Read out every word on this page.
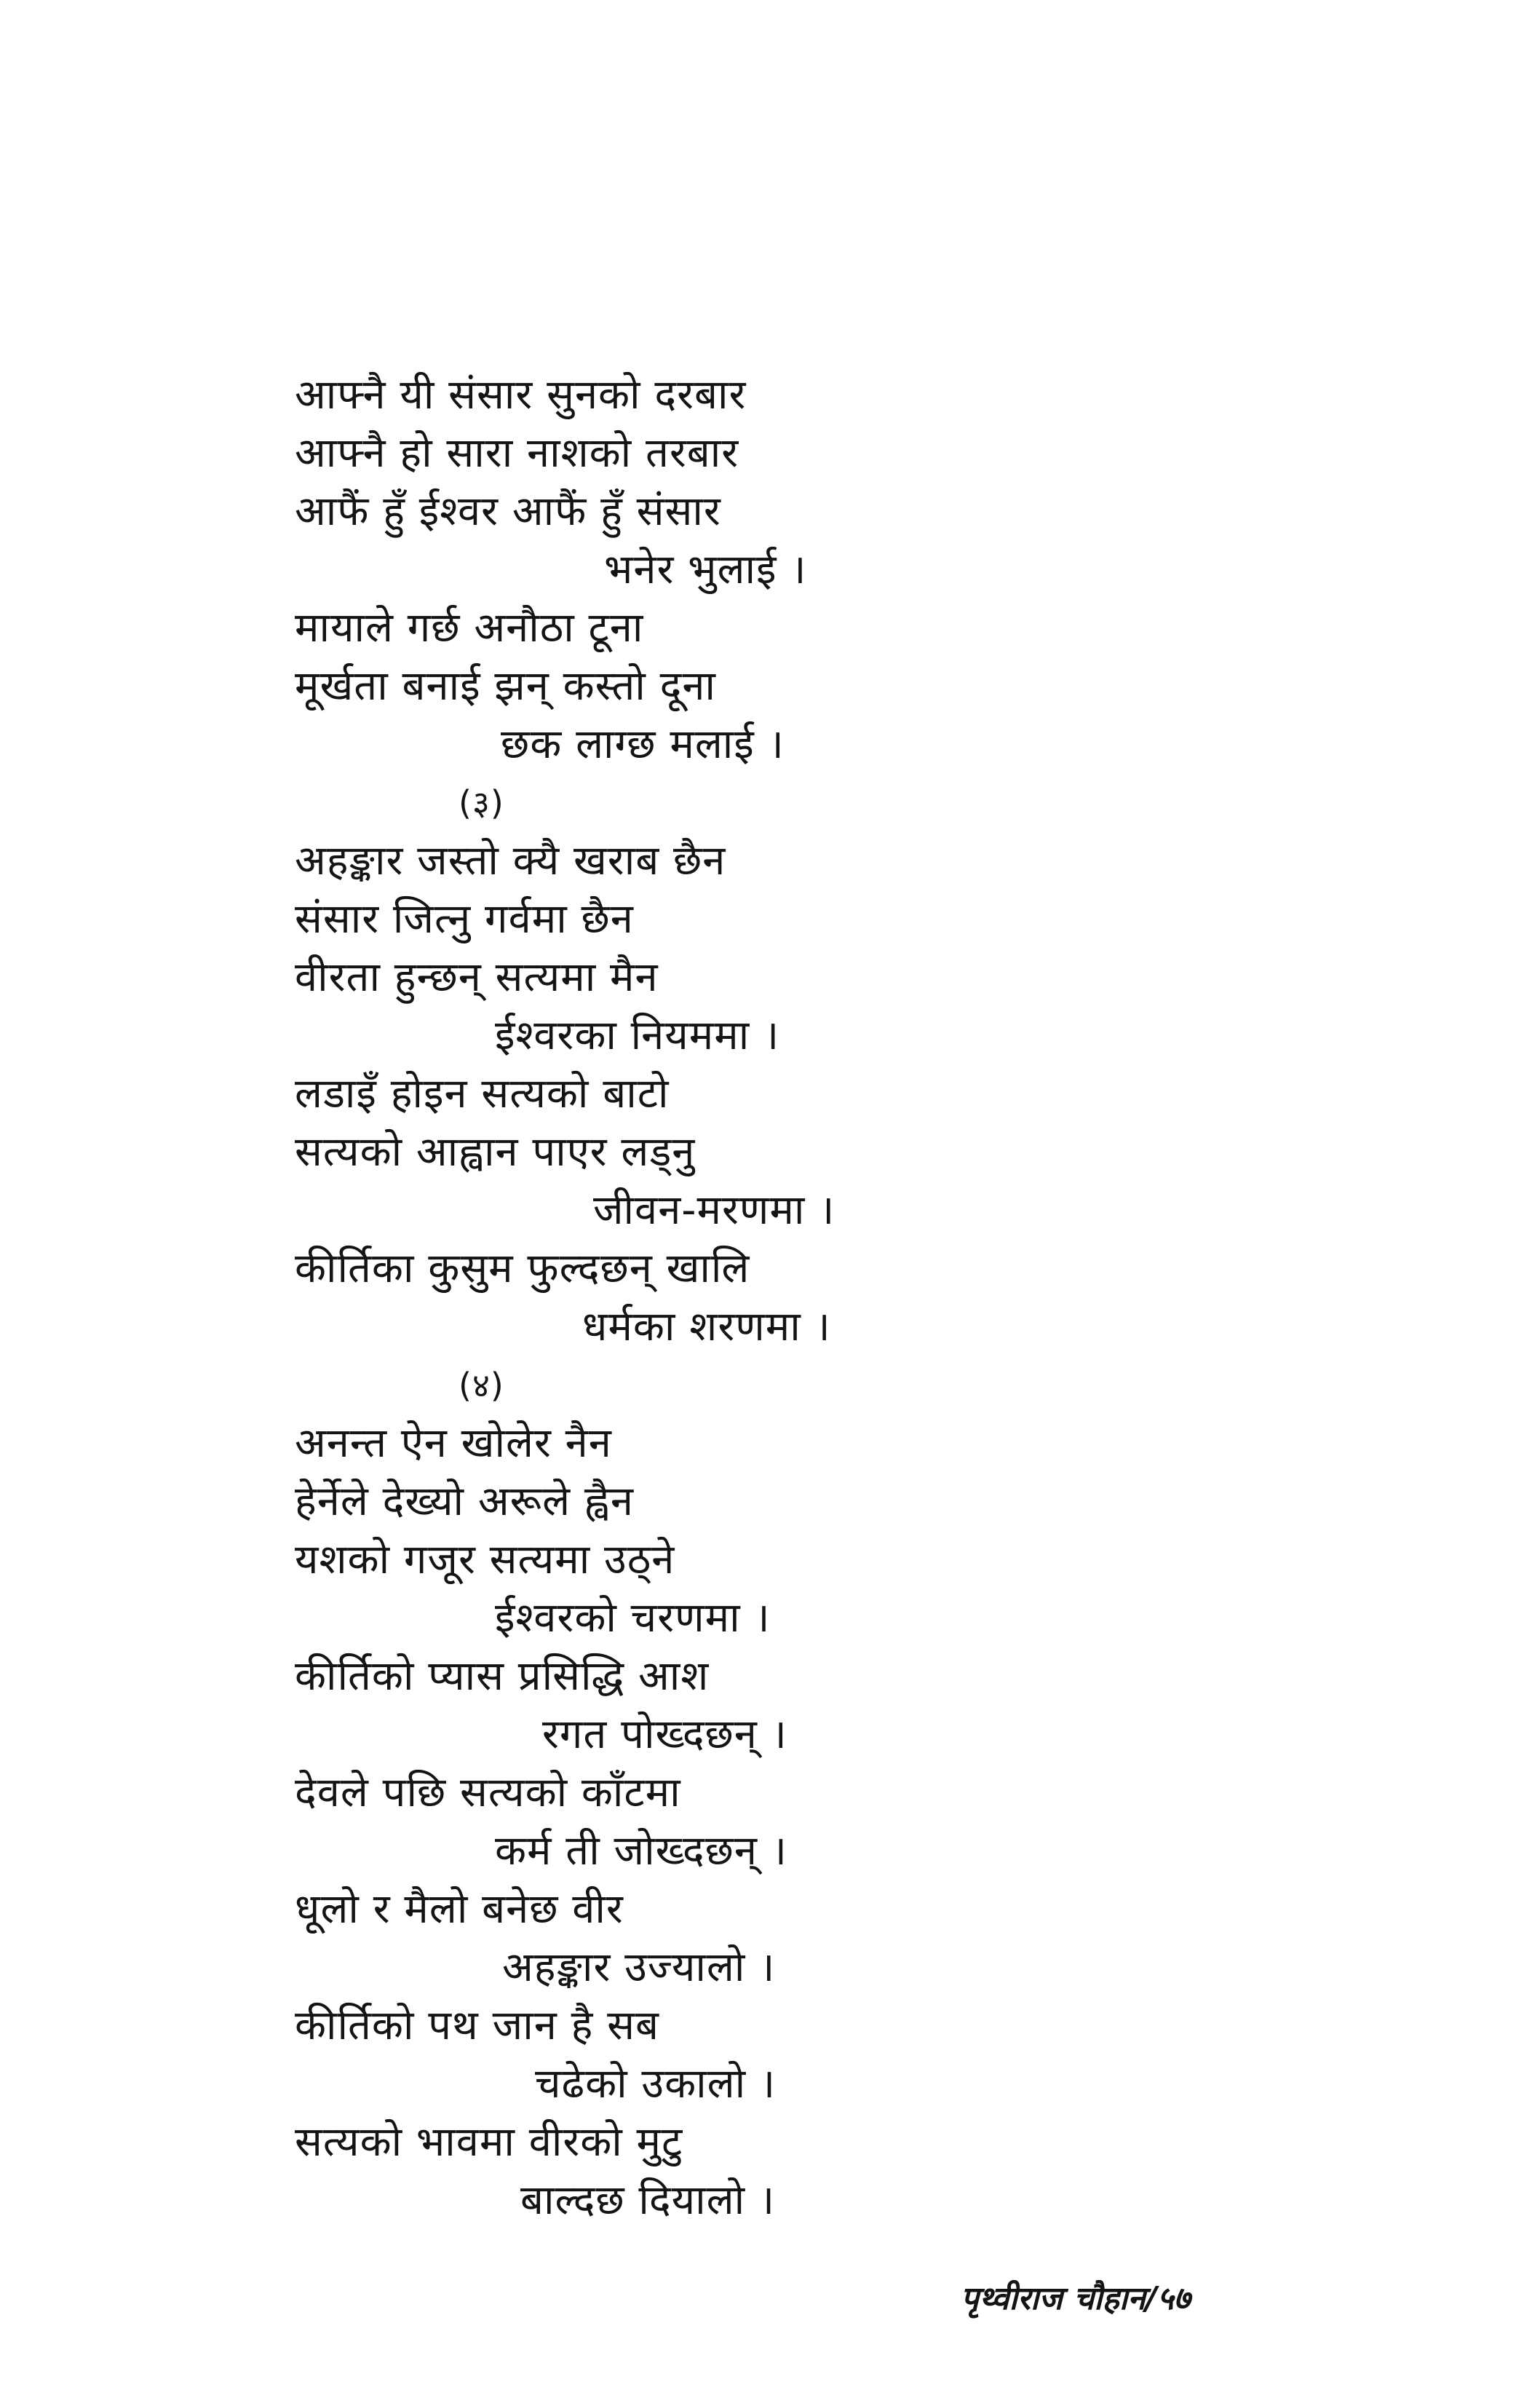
आफ्नै यी संसार सुनको दरबार
आफ्नै हो सारा नाशको तरबार
आफैं हुँ ईश्वर आफैं हुँ संसार
भनेर भुलाई ।
मायाले गर्छ अनौठा टूना
मूर्खता बनाई झन् कस्तो दूना
छक लाग्छ मलाई ।
(३)
अहङ्कार जस्तो क्यै खराब छैन
संसार जित्नु गर्वमा छैन
वीरता हुन्छन् सत्यमा मैन
ईश्वरका नियममा ।
लडाइँ होइन सत्यको बाटो
सत्यको आह्वान पाएर लड्नु
जीवन-मरणमा ।
कीर्तिका कुसुम फुल्दछन् खालि
धर्मका शरणमा ।
(४)
अनन्त ऐन खोलेर नैन
हेर्नेले देख्यो अरूले ह्वैन
यशको गजूर सत्यमा उठ्ने
ईश्वरको चरणमा ।
कीर्तिको प्यास प्रसिद्धि आश
रगत पोख्दछन् ।
देवले पछि सत्यको काँटमा
कर्म ती जोख्दछन् ।
धूलो र मैलो बनेछ वीर
अहङ्कार उज्यालो ।
कीर्तिको पथ जान है सब
चढेको उकालो ।
सत्यको भावमा वीरको मुटु
बाल्दछ दियालो ।
पृथ्वीराज चौहान/५७
